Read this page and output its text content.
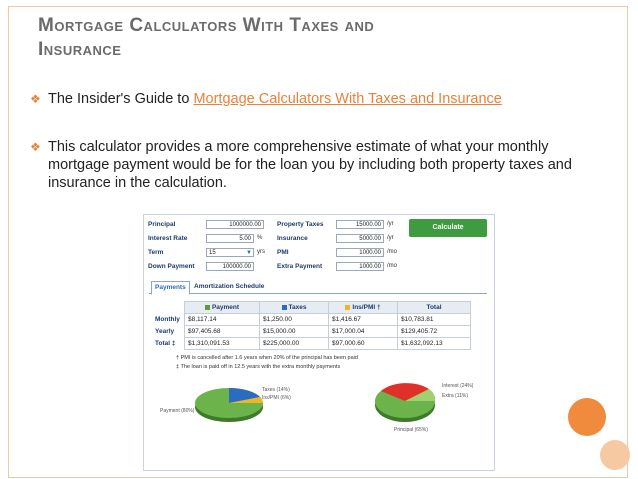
Mortgage Calculators With Taxes and
Insurance
❖ The Insider's Guide to Mortgage Calculators With Taxes and Insurance
❖ This calculator provides a more comprehensive estimate of what your monthly mortgage payment would be for the loan you by including both property taxes and insurance in the calculation.
Principal	1000000.00
Interest Rate	5.00	%
Term	15	▼ yrs
Down Payment	100000.00
Property Taxes	15000.00	/yr
Insurance	5000.00	/yr
PMI	1000.00	/mo
Extra Payment	1000.00	/mo
Calculate
Payments	Amortization Schedule
	Payment	Taxes	Ins/PMI †	Total
Monthly	$8,117.14	$1,250.00	$1,416.67	$10,783.81
Yearly	$97,405.68	$15,000.00	$17,000.04	$129,405.72
Total ‡	$1,310,091.53	$225,000.00	$97,000.60	$1,632,092.13
† PMI is cancelled after 1.6 years when 20% of the principal has been paid
‡ The loan is paid off in 12.5 years with the extra monthly payments
Taxes (14%)
Ins/PMI (6%)
Payment (80%)
Interest (24%)
Extra (11%)
Principal (65%)
